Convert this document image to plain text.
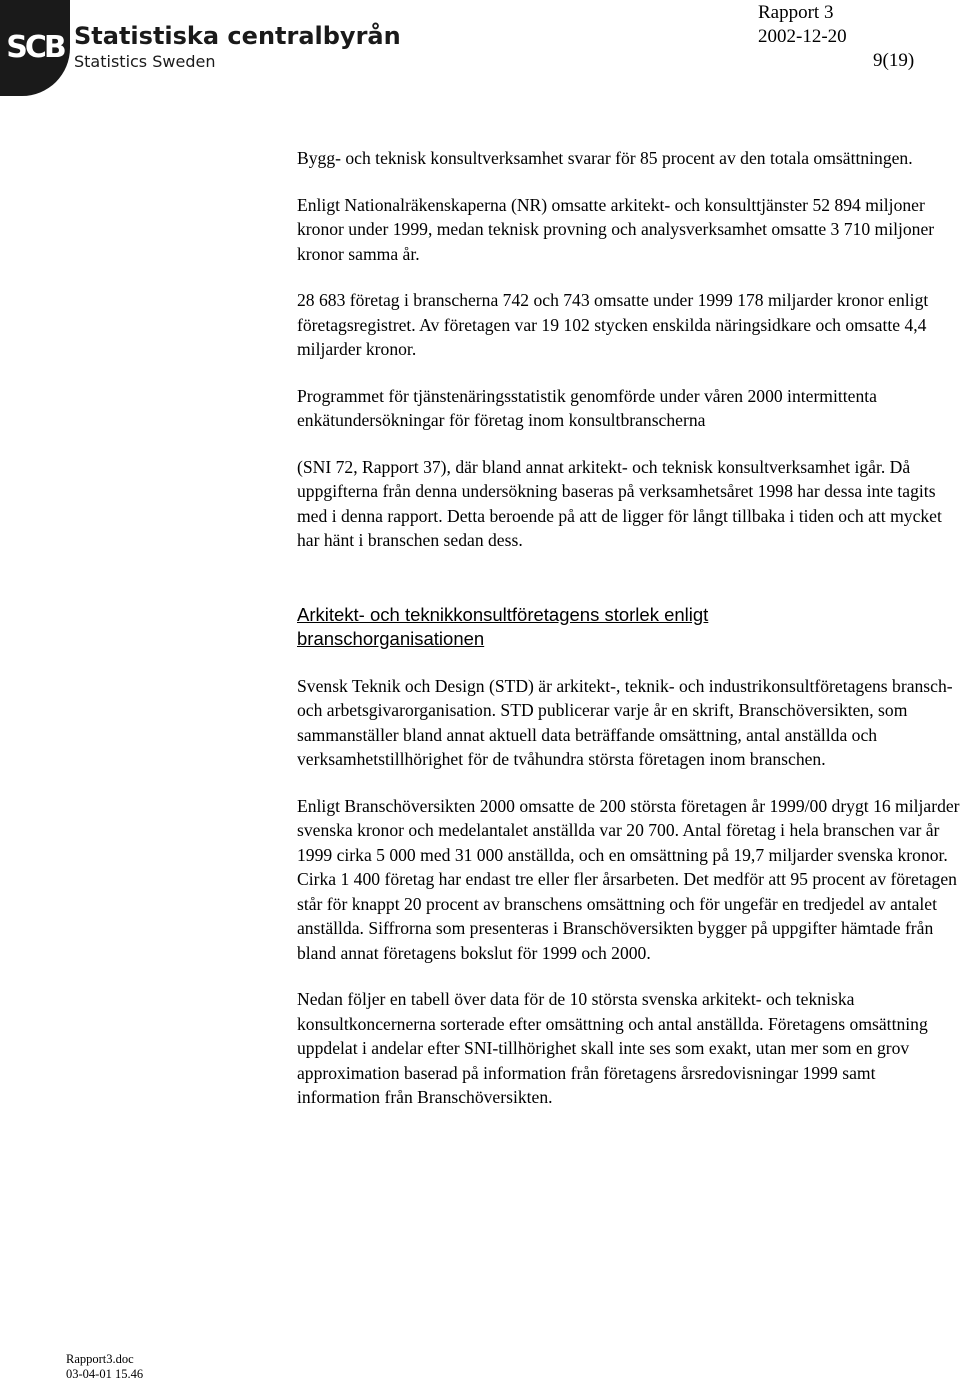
SCB Statistiska centralbyrån
Statistics Sweden
Rapport 3
2002-12-20
9(19)

Bygg- och teknisk konsultverksamhet svarar för 85 procent av den totala omsättningen.

Enligt Nationalräkenskaperna (NR) omsatte arkitekt- och konsulttjänster 52 894 miljoner kronor under 1999, medan teknisk provning och analysverksamhet omsatte 3 710 miljoner kronor samma år.

28 683 företag i branscherna 742 och 743 omsatte under 1999 178 miljarder kronor enligt företagsregistret. Av företagen var 19 102 stycken enskilda näringsidkare och omsatte 4,4 miljarder kronor.

Programmet för tjänstenäringsstatistik genomförde under våren 2000 intermittenta enkätundersökningar för företag inom konsultbranscherna

(SNI 72, Rapport 37), där bland annat arkitekt- och teknisk konsultverksamhet igår. Då uppgifterna från denna undersökning baseras på verksamhetsåret 1998 har dessa inte tagits med i denna rapport. Detta beroende på att de ligger för långt tillbaka i tiden och att mycket har hänt i branschen sedan dess.

Arkitekt- och teknikkonsultföretagens storlek enligt branschorganisationen

Svensk Teknik och Design (STD) är arkitekt-, teknik- och industrikonsultföretagens bransch- och arbetsgivarorganisation. STD publicerar varje år en skrift, Branschöversikten, som sammanställer bland annat aktuell data beträffande omsättning, antal anställda och verksamhetstillhörighet för de tvåhundra största företagen inom branschen.

Enligt Branschöversikten 2000 omsatte de 200 största företagen år 1999/00 drygt 16 miljarder svenska kronor och medelantalet anställda var 20 700. Antal företag i hela branschen var år 1999 cirka 5 000 med 31 000 anställda, och en omsättning på 19,7 miljarder svenska kronor. Cirka 1 400 företag har endast tre eller fler årsarbeten. Det medför att 95 procent av företagen står för knappt 20 procent av branschens omsättning och för ungefär en tredjedel av antalet anställda. Siffrorna som presenteras i Branschöversikten bygger på uppgifter hämtade från bland annat företagens bokslut för 1999 och 2000.

Nedan följer en tabell över data för de 10 största svenska arkitekt- och tekniska konsultkoncernerna sorterade efter omsättning och antal anställda. Företagens omsättning uppdelat i andelar efter SNI-tillhörighet skall inte ses som exakt, utan mer som en grov approximation baserad på information från företagens årsredovisningar 1999 samt information från Branschöversikten.

Rapport3.doc
03-04-01 15.46
